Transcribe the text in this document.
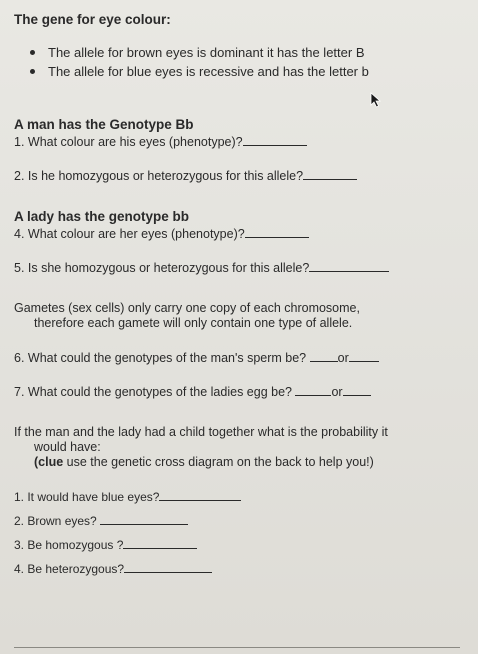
The gene for eye colour:

The allele for brown eyes is dominant it has the letter B
The allele for blue eyes is recessive and has the letter b

A man has the Genotype Bb

1. What colour are his eyes (phenotype)?

2. Is he homozygous or heterozygous for this allele?

A lady has the genotype bb

4. What colour are her eyes (phenotype)?

5. Is she homozygous or heterozygous for this allele?

Gametes (sex cells) only carry one copy of each chromosome,

therefore each gamete will only contain one type of allele.

6. What could the genotypes of the man's sperm be? or

7. What could the genotypes of the ladies egg be?	or

If the man and the lady had a child together what is the probability it

would have:

(clue use the genetic cross diagram on the back to help you!)

1. It would have blue eyes?

2. Brown eyes?

3. Be homozygous ?

4. Be heterozygous?
